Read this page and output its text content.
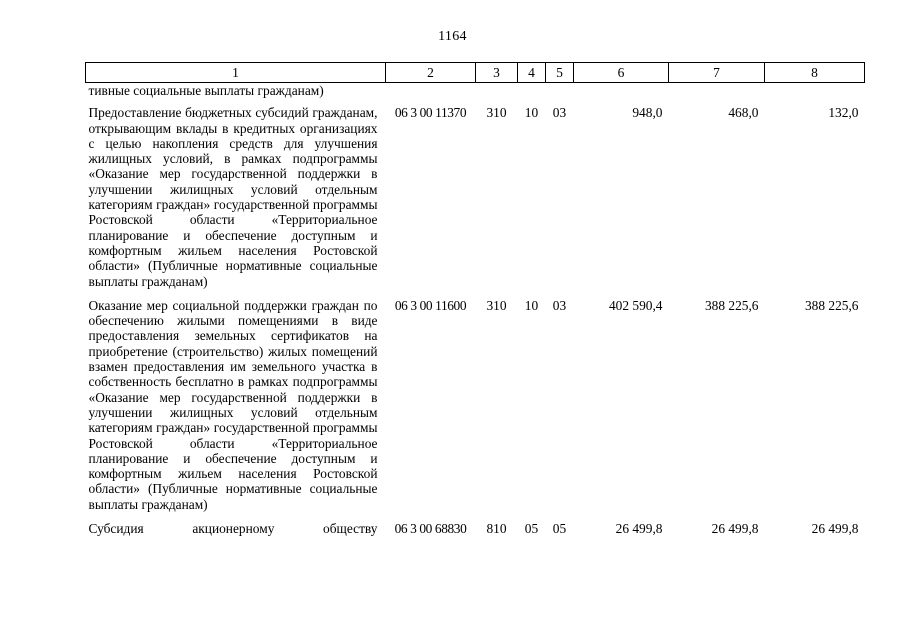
1164
1	2	3	4	5	6	7	8
тивные социальные выплаты гражданам)							
Предоставление бюджетных субсидий гражданам, открывающим вклады в кредитных организациях с целью накопления средств для улучшения жилищных условий, в рамках подпрограммы «Оказание мер государственной поддержки в улучшении жилищных условий отдельным категориям граждан» государственной программы Ростовской области «Территориальное планирование и обеспечение доступным и комфортным жильем населения Ростовской области» (Публичные нормативные социальные выплаты гражданам)	06 3 00 11370	310	10	03	948,0	468,0	132,0
Оказание мер социальной поддержки граждан по обеспечению жилыми помещениями в виде предоставления земельных сертификатов на приобретение (строительство) жилых помещений взамен предоставления им земельного участка в собственность бесплатно в рамках подпрограммы «Оказание мер государственной поддержки в улучшении жилищных условий отдельным категориям граждан» государственной программы Ростовской области «Территориальное планирование и обеспечение доступным и комфортным жильем населения Ростовской области» (Публичные нормативные социальные выплаты гражданам)	06 3 00 11600	310	10	03	402 590,4	388 225,6	388 225,6

Субсидия акционерному обществу	06 3 00 68830	810	05	05	26 499,8	26 499,8	26 499,8
